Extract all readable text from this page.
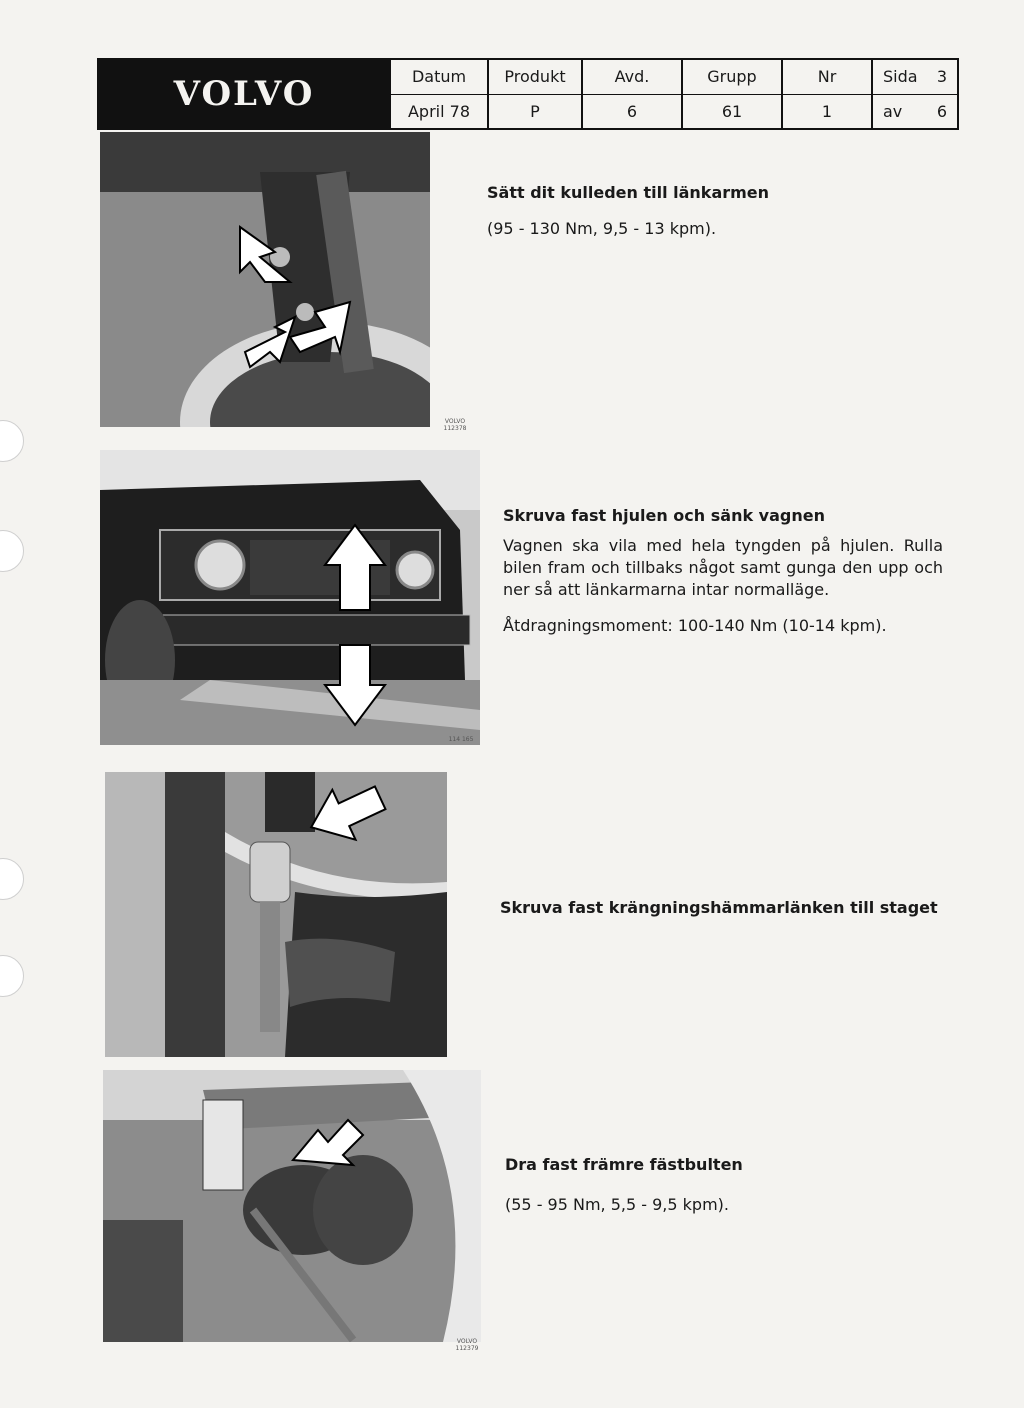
VOLVO	Datum
April 78
Produkt
P
Avd.
6
Grupp
61
Nr
1
Sida 3
av 6
VOLVO
112378
Sätt dit kulleden till länkarmen
(95 - 130 Nm, 9,5 - 13 kpm).
114 165
Skruva fast hjulen och sänk vagnen
Vagnen ska vila med hela tyngden på hjulen. Rulla bilen fram och tillbaks något samt gunga den upp och ner så att länkarmarna intar normalläge.
Åtdragningsmoment: 100-140 Nm (10-14 kpm).
Skruva fast krängningshämmarlänken till staget
VOLVO
112379
Dra fast främre fästbulten
(55 - 95 Nm, 5,5 - 9,5 kpm).
